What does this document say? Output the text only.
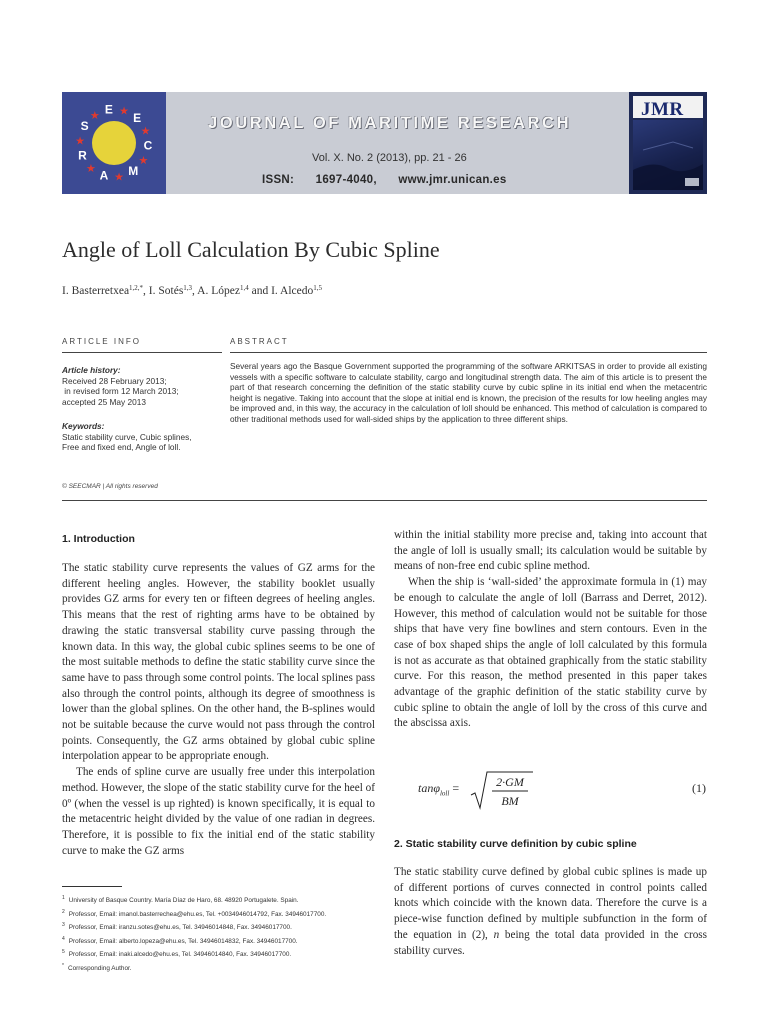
S
★ E ★
E
★
C
★
M
★
A
★
R
★
JOURNAL OF MARITIME RESEARCH
Vol. X. No. 2 (2013), pp. 21 - 26
ISSN: 1697-4040, www.jmr.unican.es
JMR
Angle of Loll Calculation By Cubic Spline
I. Basterretxea$^{1,2,*}$, I. Sotés$^{1,3}$, A. López$^{1,4}$ and I. Alcedo$^{1,5}$
ARTICLE INFO	ABSTRACT
Article history:
Received 28 February 2013;
in revised form 12 March 2013;
accepted 25 May 2013
Keywords:
Static stability curve, Cubic splines,
Free and fixed end, Angle of loll.
© SEECMAR | All rights reserved
Several years ago the Basque Government supported the programming of the software ARKITSAS in order to provide all existing vessels with a specific software to calculate stability, cargo and longitudinal strength data. The aim of this article is to present the part of that research concerning the definition of the static stability curve by cubic spline in its initial end when the metacentric height is negative. Taking into account that the slope at initial end is known, the precision of the results for low heeling angles may be improved and, in this way, the accuracy in the calculation of loll should be enhanced. This method of calculation is compared to other traditional methods used for wall-sided ships by the application to three different ships.
1. Introduction

The static stability curve represents the values of GZ arms for the different heeling angles. However, the stability booklet usually provides GZ arms for every ten or fifteen degrees of heeling angles. This means that the rest of righting arms have to be obtained by drawing the static transversal stability curve passing through the known data. In this way, the global cubic splines seems to be one of the most suitable methods to define the static stability curve since the same have to pass through some control points. The local splines pass also through the control points, although its degree of smoothness is lower than the global splines. On the other hand, the B-splines would not be suitable because the curve would not pass through the control points. Consequently, the GZ arms obtained by global cubic spline interpolation appear to be appropriate enough.

The ends of spline curve are usually free under this interpolation method. However, the slope of the static stability curve for the heel of 0º (when the vessel is up righted) is known specifically, it is equal to the metacentric height divided by the value of one radian in degrees. Therefore, it is possible to fix the initial end of the static stability curve to make the GZ arms

within the initial stability more precise and, taking into account that the angle of loll is usually small; its calculation would be suitable by means of non-free end cubic spline method.

When the ship is ‘wall-sided’ the approximate formula in (1) may be enough to calculate the angle of loll (Barrass and Derret, 2012). However, this method of calculation would not be suitable for those ships that have very fine bowlines and stern contours. Even in the case of box shaped ships the angle of loll calculated by this formula is not as accurate as that obtained graphically from the static stability curve. For this reason, the method presented in this paper takes advantage of the graphic definition of the static stability curve by cubic spline to obtain the angle of loll by the cross of this curve and the abscissa axis.

tanφ$_{loll}$ =	2·GM
BM
(1)
2. Static stability curve definition by cubic spline

The static stability curve defined by global cubic splines is made up of different portions of curves connected in control points called knots which coincide with the known data. Therefore the curve is a piece-wise function defined by multiple subfunction in the form of the equation in (2), n being the total data provided in the cross stability curves.

$^1$ University of Basque Country. María Díaz de Haro, 68. 48920 Portugalete. Spain.
$^2$ Professor, Email: imanol.basterrechea@ehu.es, Tel. +0034946014792, Fax. 34946017700.
$^3$ Professor, Email: iranzu.sotes@ehu.es, Tel. 34946014848, Fax. 34946017700.
$^4$ Professor, Email: alberto.lopeza@ehu.es, Tel. 34946014832, Fax. 34946017700.
$^5$ Professor, Email: inaki.alcedo@ehu.es, Tel. 34946014840, Fax. 34946017700.
* Corresponding Author.
